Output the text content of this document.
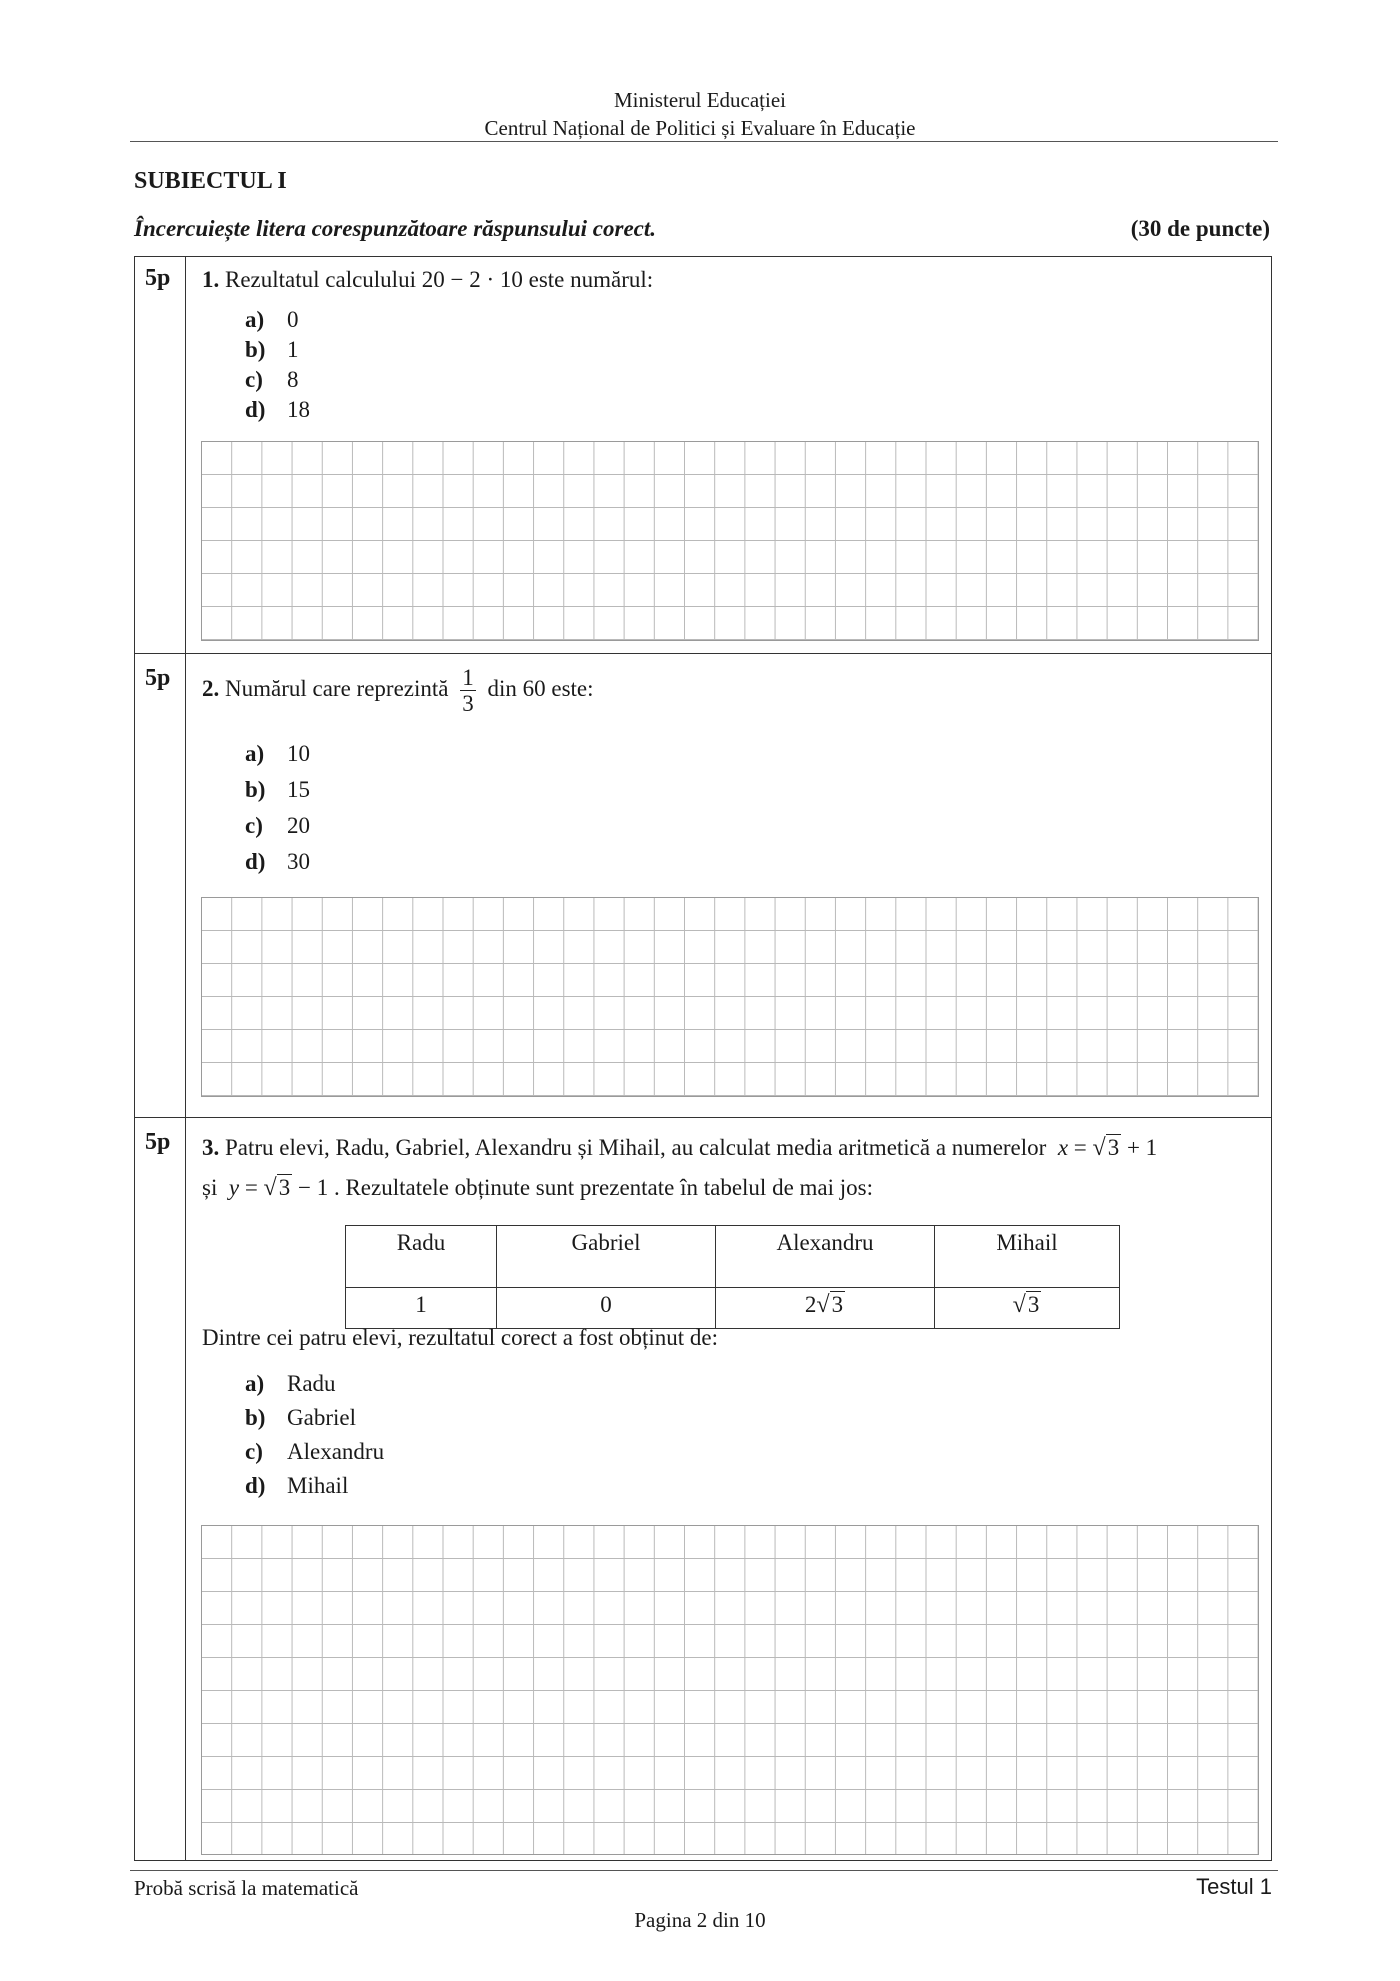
Ministerul Educației
Centrul Național de Politici și Evaluare în Educație
SUBIECTUL I
Încercuiește litera corespunzătoare răspunsului corect.	(30 de puncte)
5p 1. Rezultatul calculului 20 − 2 · 10 este numărul:
a) 0
b) 1
c) 8
d) 18
5p 2. Numărul care reprezintă $\frac{1}{3}$ din 60 este:
a) 10
b) 15
c) 20
d) 30
5p 3. Patru elevi, Radu, Gabriel, Alexandru și Mihail, au calculat media aritmetică a numerelor x = √3 + 1
și y = √3 − 1 . Rezultatele obținute sunt prezentate în tabelul de mai jos:
Radu	Gabriel	Alexandru	Mihail
1	0	2√3	√3
Dintre cei patru elevi, rezultatul corect a fost obținut de:
a) Radu
b) Gabriel
c) Alexandru
d) Mihail
Probă scrisă la matematică	Testul 1
Pagina 2 din 10
